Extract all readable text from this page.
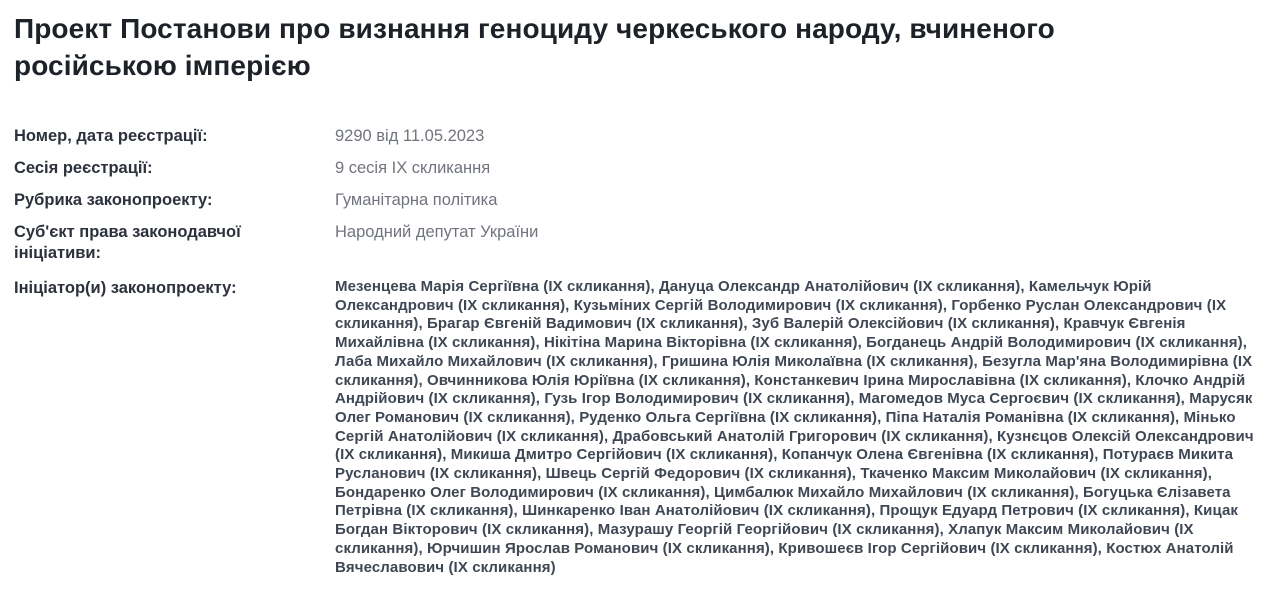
Проект Постанови про визнання геноциду черкеського народу, вчиненого російською імперією
Номер, дата реєстрації:	9290 від 11.05.2023
Сесія реєстрації:	9 сесія IX скликання
Рубрика законопроекту:	Гуманітарна політика
Суб'єкт права законодавчої ініціативи:
Народний депутат України
Ініціатор(и) законопроекту:	Мезенцева Марія Сергіївна (IX скликання), Дануца Олександр Анатолійович (IX скликання), Камельчук Юрій Олександрович (IX скликання), Кузьміних Сергій Володимирович (IX скликання), Горбенко Руслан Олександрович (IX скликання), Брагар Євгеній Вадимович (IX скликання), Зуб Валерій Олексійович (IX скликання), Кравчук Євгенія Михайлівна (IX скликання), Нікітіна Марина Вікторівна (IX скликання), Богданець Андрій Володимирович (IX скликання), Лаба Михайло Михайлович (IX скликання), Гришина Юлія Миколаївна (IX скликання), Безугла Мар'яна Володимирівна (IX скликання), Овчинникова Юлія Юріївна (IX скликання), Констанкевич Ірина Мирославівна (IX скликання), Клочко Андрій Андрійович (IX скликання), Гузь Ігор Володимирович (IX скликання), Магомедов Муса Сергоєвич (IX скликання), Марусяк Олег Романович (IX скликання), Руденко Ольга Сергіївна (IX скликання), Піпа Наталія Романівна (IX скликання), Мінько Сергій Анатолійович (IX скликання), Драбовський Анатолій Григорович (IX скликання), Кузнєцов Олексій Олександрович (IX скликання), Микиша Дмитро Сергійович (IX скликання), Копанчук Олена Євгенівна (IX скликання), Потураєв Микита Русланович (IX скликання), Швець Сергій Федорович (IX скликання), Ткаченко Максим Миколайович (IX скликання), Бондаренко Олег Володимирович (IX скликання), Цимбалюк Михайло Михайлович (IX скликання), Богуцька Єлізавета Петрівна (IX скликання), Шинкаренко Іван Анатолійович (IX скликання), Прощук Едуард Петрович (IX скликання), Кицак Богдан Вікторович (IX скликання), Мазурашу Георгій Георгійович (IX скликання), Хлапук Максим Миколайович (IX скликання), Юрчишин Ярослав Романович (IX скликання), Кривошеєв Ігор Сергійович (IX скликання), Костюх Анатолій Вячеславович (IX скликання)
